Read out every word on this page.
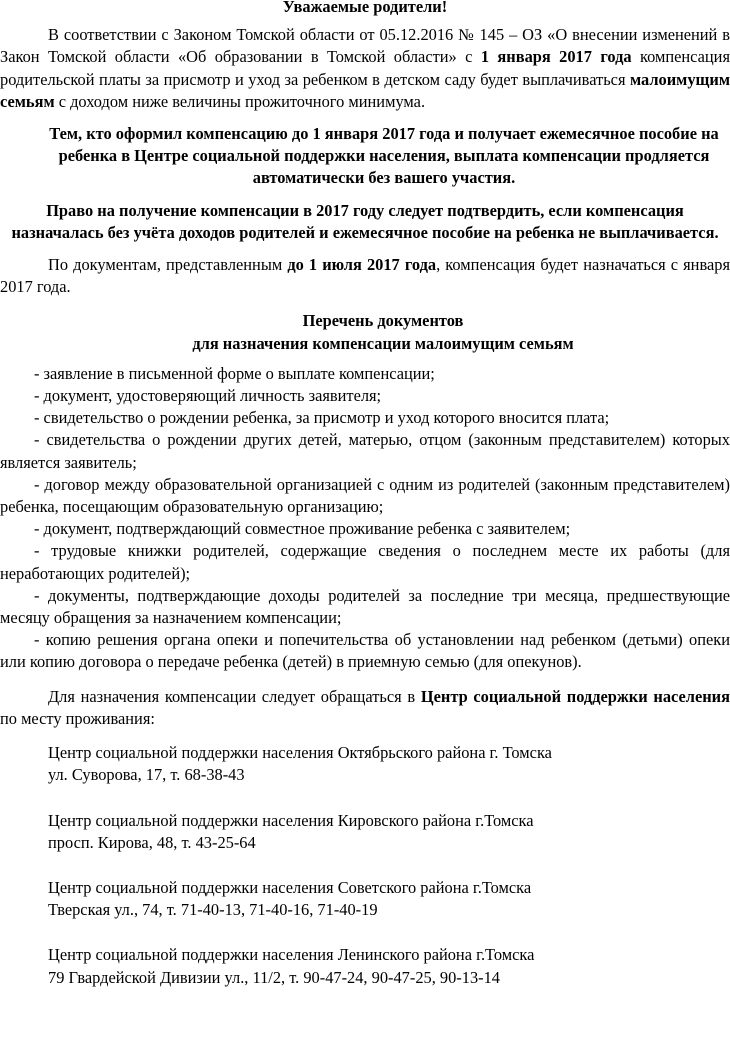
Уважаемые родители!

В соответствии с Законом Томской области от 05.12.2016 № 145 – ОЗ «О внесении изменений в Закон Томской области «Об образовании в Томской области» с 1 января 2017 года компенсация родительской платы за присмотр и уход за ребенком в детском саду будет выплачиваться малоимущим семьям с доходом ниже величины прожиточного минимума.

Тем, кто оформил компенсацию до 1 января 2017 года и получает ежемесячное пособие на ребенка в Центре социальной поддержки населения, выплата компенсации продляется автоматически без вашего участия.

Право на получение компенсации в 2017 году следует подтвердить, если компенсация назначалась без учёта доходов родителей и ежемесячное пособие на ребенка не выплачивается.

По документам, представленным до 1 июля 2017 года, компенсация будет назначаться с января 2017 года.

Перечень документов
для назначения компенсации малоимущим семьям

- заявление в письменной форме о выплате компенсации;

- документ, удостоверяющий личность заявителя;

- свидетельство о рождении ребенка, за присмотр и уход которого вносится плата;

- свидетельства о рождении других детей, матерью, отцом (законным представителем) которых является заявитель;

- договор между образовательной организацией с одним из родителей (законным представителем) ребенка, посещающим образовательную организацию;

- документ, подтверждающий совместное проживание ребенка с заявителем;

- трудовые книжки родителей, содержащие сведения о последнем месте их работы (для неработающих родителей);

- документы, подтверждающие доходы родителей за последние три месяца, предшествующие месяцу обращения за назначением компенсации;

- копию решения органа опеки и попечительства об установлении над ребенком (детьми) опеки или копию договора о передаче ребенка (детей) в приемную семью (для опекунов).

Для назначения компенсации следует обращаться в Центр социальной поддержки населения по месту проживания:

Центр социальной поддержки населения Октябрьского района г. Томска
ул. Суворова, 17, т. 68-38-43
Центр социальной поддержки населения Кировского района г.Томска
просп. Кирова, 48, т. 43-25-64
Центр социальной поддержки населения Советского района г.Томска
Тверская ул., 74, т. 71-40-13, 71-40-16, 71-40-19
Центр социальной поддержки населения Ленинского района г.Томска
79 Гвардейской Дивизии ул., 11/2, т. 90-47-24, 90-47-25, 90-13-14
